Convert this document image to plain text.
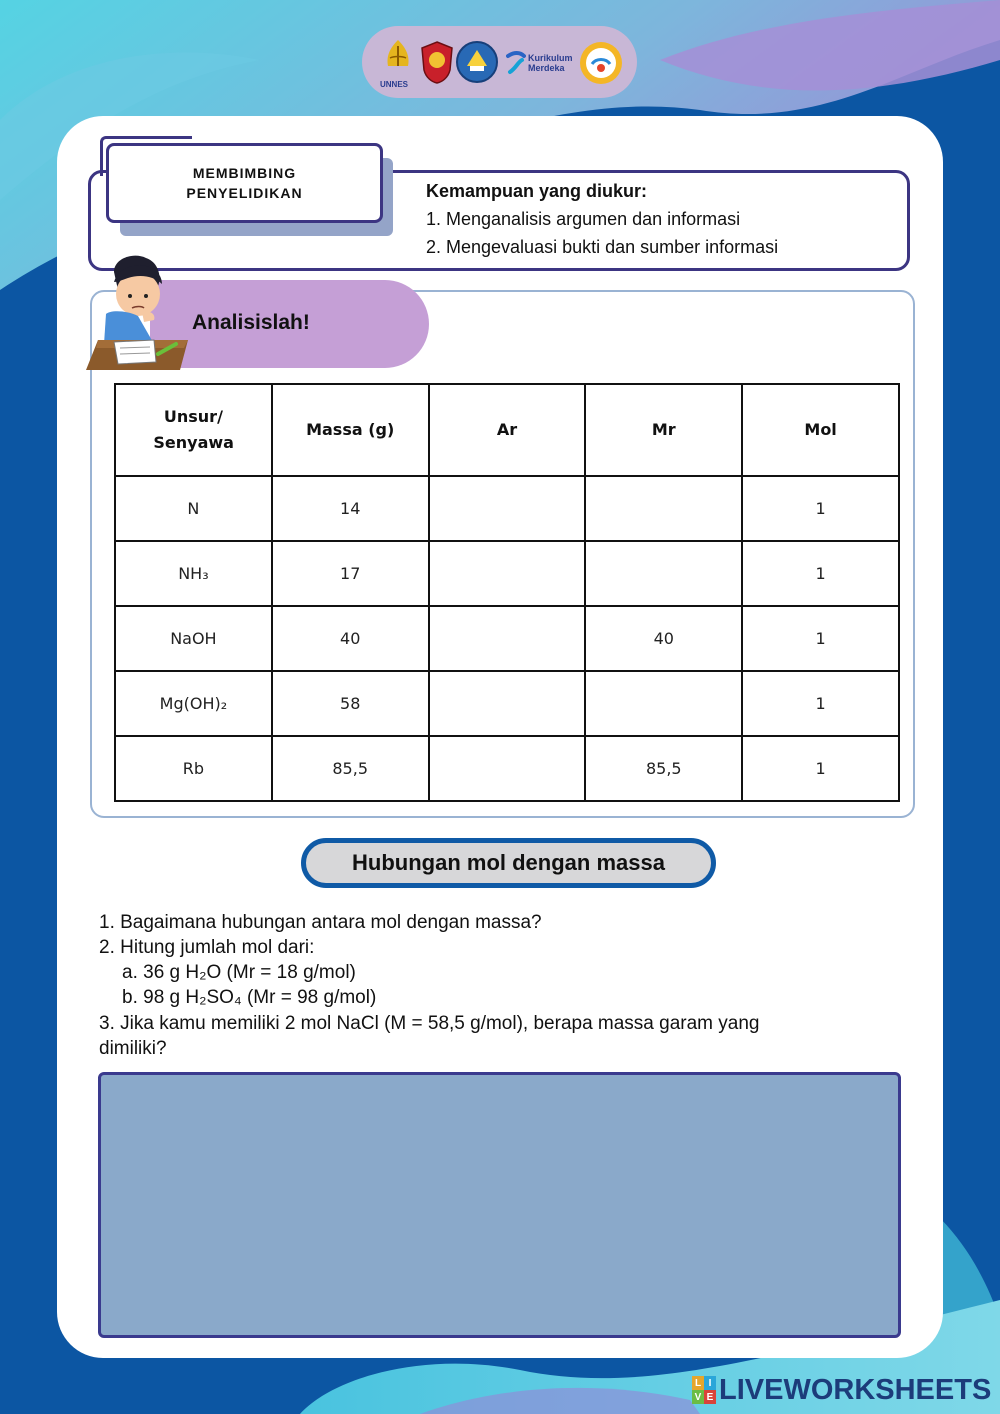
UNNES
Kurikulum
Merdeka
MEMBIMBING
PENYELIDIKAN	Kemampuan yang diukur:
1. Menganalisis argumen dan informasi
2. Mengevaluasi bukti dan sumber informasi
Analisislah!
Unsur/ Senyawa	Massa (g)	Ar	Mr	Mol
N	14			1
NH₃	17			1
NaOH	40		40	1
Mg(OH)₂	58			1
Rb	85,5		85,5	1
Hubungan mol dengan massa
1. Bagaimana hubungan antara mol dengan massa?
2. Hitung jumlah mol dari:
a. 36 g H₂O (Mr = 18 g/mol)
b. 98 g H₂SO₄ (Mr = 98 g/mol)
3. Jika kamu memiliki 2 mol NaCl (M = 58,5 g/mol), berapa massa garam yang
dimiliki?
L I
V E LIVEWORKSHEETS
